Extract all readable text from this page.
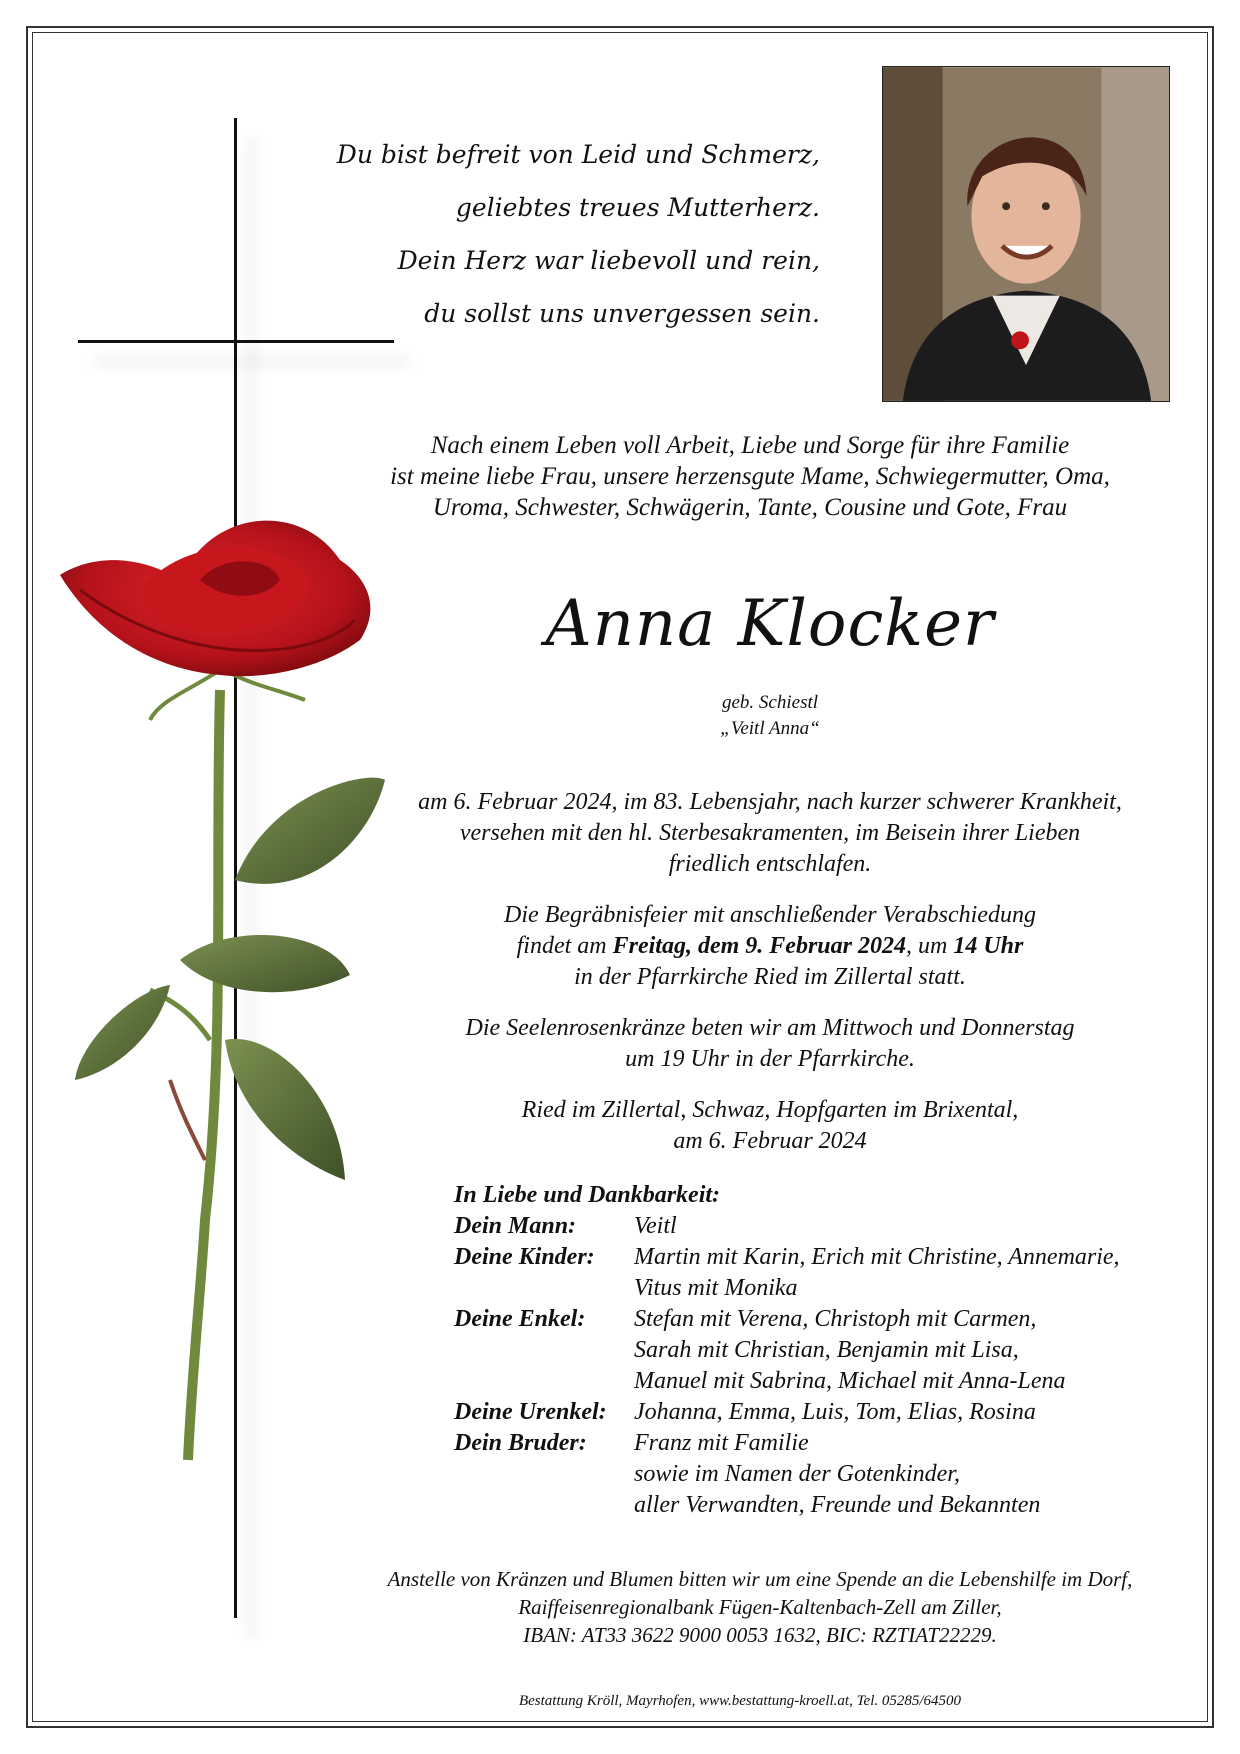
Du bist befreit von Leid und Schmerz,
geliebtes treues Mutterherz.
Dein Herz war liebevoll und rein,
du sollst uns unvergessen sein.
Nach einem Leben voll Arbeit, Liebe und Sorge für ihre Familie
ist meine liebe Frau, unsere herzensgute Mame, Schwiegermutter, Oma,
Uroma, Schwester, Schwägerin, Tante, Cousine und Gote, Frau
Anna Klocker
geb. Schiestl
„Veitl Anna“
am 6. Februar 2024, im 83. Lebensjahr, nach kurzer schwerer Krankheit,
versehen mit den hl. Sterbesakramenten, im Beisein ihrer Lieben
friedlich entschlafen.
Die Begräbnisfeier mit anschließender Verabschiedung
findet am Freitag, dem 9. Februar 2024, um 14 Uhr
in der Pfarrkirche Ried im Zillertal statt.
Die Seelenrosenkränze beten wir am Mittwoch und Donnerstag
um 19 Uhr in der Pfarrkirche.
Ried im Zillertal, Schwaz, Hopfgarten im Brixental,
am 6. Februar 2024
In Liebe und Dankbarkeit:
Dein Mann:	Veitl
Deine Kinder:	Martin mit Karin, Erich mit Christine, Annemarie,
Vitus mit Monika
Deine Enkel:	Stefan mit Verena, Christoph mit Carmen,
Sarah mit Christian, Benjamin mit Lisa,
Manuel mit Sabrina, Michael mit Anna-Lena
Deine Urenkel:	Johanna, Emma, Luis, Tom, Elias, Rosina
Dein Bruder:	Franz mit Familie
sowie im Namen der Gotenkinder,
aller Verwandten, Freunde und Bekannten
Anstelle von Kränzen und Blumen bitten wir um eine Spende an die Lebenshilfe im Dorf,
Raiffeisenregionalbank Fügen-Kaltenbach-Zell am Ziller,
IBAN: AT33 3622 9000 0053 1632, BIC: RZTIAT22229.
Bestattung Kröll, Mayrhofen, www.bestattung-kroell.at, Tel. 05285/64500
